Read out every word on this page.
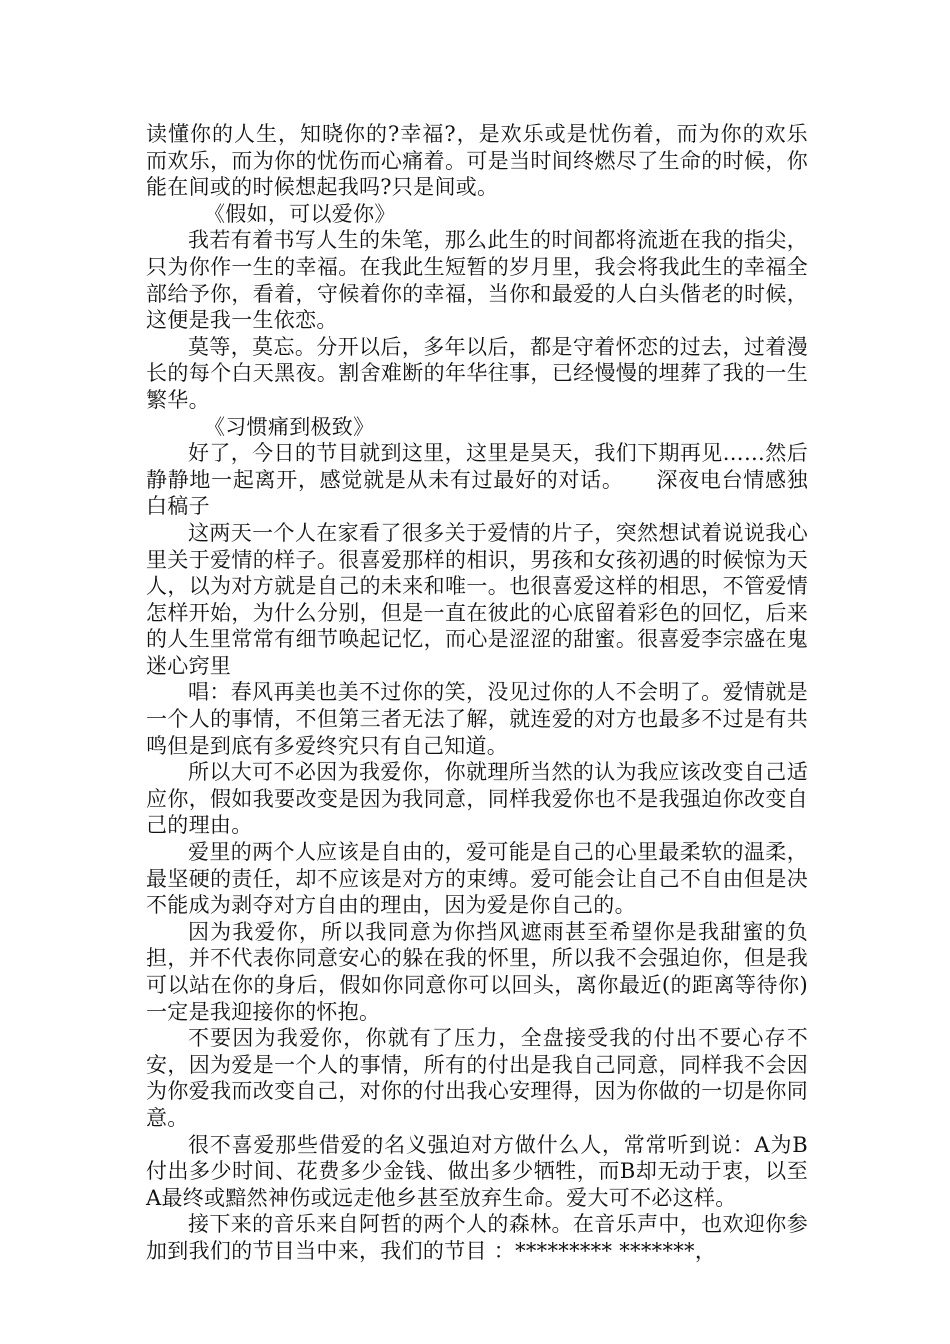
读懂你的人生，知晓你的?幸福?，是欢乐或是忧伤着，而为你的欢乐而欢乐，而为你的忧伤而心痛着。可是当时间终燃尽了生命的时候，你能在间或的时候想起我吗?只是间或。

《假如，可以爱你》

我若有着书写人生的朱笔，那么此生的时间都将流逝在我的指尖，只为你作一生的幸福。在我此生短暂的岁月里，我会将我此生的幸福全部给予你，看着，守候着你的幸福，当你和最爱的人白头偕老的时候，这便是我一生依恋。

莫等，莫忘。分开以后，多年以后，都是守着怀恋的过去，过着漫长的每个白天黑夜。割舍难断的年华往事，已经慢慢的埋葬了我的一生繁华。

《习惯痛到极致》

好了，今日的节目就到这里，这里是昊天，我们下期再见……然后静静地一起离开，感觉就是从未有过最好的对话。　　深夜电台情感独白稿子

这两天一个人在家看了很多关于爱情的片子，突然想试着说说我心里关于爱情的样子。很喜爱那样的相识，男孩和女孩初遇的时候惊为天人，以为对方就是自己的未来和唯一。也很喜爱这样的相思，不管爱情怎样开始，为什么分别，但是一直在彼此的心底留着彩色的回忆，后来的人生里常常有细节唤起记忆，而心是涩涩的甜蜜。很喜爱李宗盛在鬼迷心窍里

唱：春风再美也美不过你的笑，没见过你的人不会明了。爱情就是一个人的事情，不但第三者无法了解，就连爱的对方也最多不过是有共鸣但是到底有多爱终究只有自己知道。

所以大可不必因为我爱你，你就理所当然的认为我应该改变自己适应你，假如我要改变是因为我同意，同样我爱你也不是我强迫你改变自己的理由。

爱里的两个人应该是自由的，爱可能是自己的心里最柔软的温柔，最坚硬的责任，却不应该是对方的束缚。爱可能会让自己不自由但是决不能成为剥夺对方自由的理由，因为爱是你自己的。

因为我爱你，所以我同意为你挡风遮雨甚至希望你是我甜蜜的负担，并不代表你同意安心的躲在我的怀里，所以我不会强迫你，但是我可以站在你的身后，假如你同意你可以回头，离你最近(的距离等待你)一定是我迎接你的怀抱。

不要因为我爱你，你就有了压力，全盘接受我的付出不要心存不安，因为爱是一个人的事情，所有的付出是我自己同意，同样我不会因为你爱我而改变自己，对你的付出我心安理得，因为你做的一切是你同意。

很不喜爱那些借爱的名义强迫对方做什么人，常常听到说：A为B付出多少时间、花费多少金钱、做出多少牺牲，而B却无动于衷，以至A最终或黯然神伤或远走他乡甚至放弃生命。爱大可不必这样。

接下来的音乐来自阿哲的两个人的森林。在音乐声中，也欢迎你参加到我们的节目当中来，我们的节目 ：********* *******，
